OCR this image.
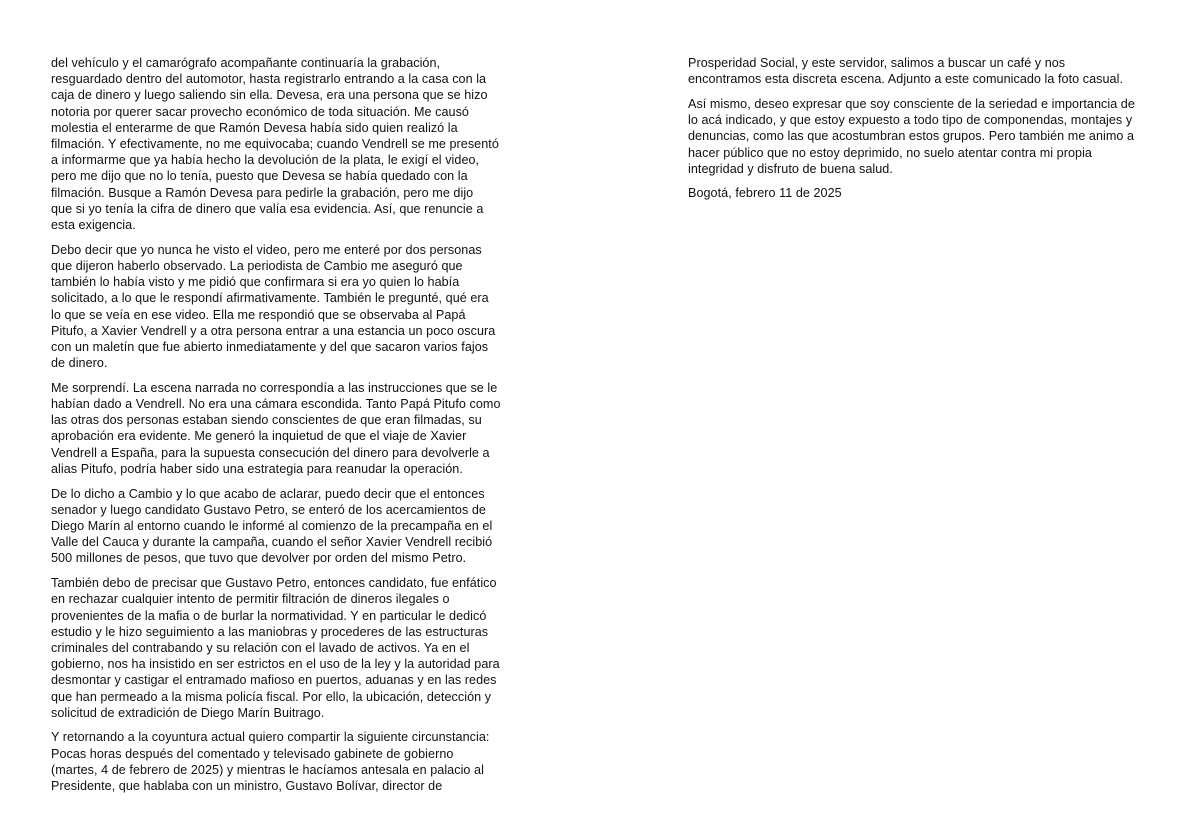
del vehículo y el camarógrafo acompañante continuaría la grabación,
resguardado dentro del automotor, hasta registrarlo entrando a la casa con la
caja de dinero y luego saliendo sin ella. Devesa, era una persona que se hizo
notoria por querer sacar provecho económico de toda situación. Me causó
molestia el enterarme de que Ramón Devesa había sido quien realizó la
filmación. Y efectivamente, no me equivocaba; cuando Vendrell se me presentó
a informarme que ya había hecho la devolución de la plata, le exigí el video,
pero me dijo que no lo tenía, puesto que Devesa se había quedado con la
filmación. Busque a Ramón Devesa para pedirle la grabación, pero me dijo
que si yo tenía la cifra de dinero que valía esa evidencia. Así, que renuncie a
esta exigencia.

Debo decir que yo nunca he visto el video, pero me enteré por dos personas
que dijeron haberlo observado. La periodista de Cambio me aseguró que
también lo había visto y me pidió que confirmara si era yo quien lo había
solicitado, a lo que le respondí afirmativamente. También le pregunté, qué era
lo que se veía en ese video. Ella me respondió que se observaba al Papá
Pitufo, a Xavier Vendrell y a otra persona entrar a una estancia un poco oscura
con un maletín que fue abierto inmediatamente y del que sacaron varios fajos
de dinero.

Me sorprendí. La escena narrada no correspondía a las instrucciones que se le
habían dado a Vendrell. No era una cámara escondida. Tanto Papá Pitufo como
las otras dos personas estaban siendo conscientes de que eran filmadas, su
aprobación era evidente. Me generó la inquietud de que el viaje de Xavier
Vendrell a España, para la supuesta consecución del dinero para devolverle a
alias Pitufo, podría haber sido una estrategia para reanudar la operación.

De lo dicho a Cambio y lo que acabo de aclarar, puedo decir que el entonces
senador y luego candidato Gustavo Petro, se enteró de los acercamientos de
Diego Marín al entorno cuando le informé al comienzo de la precampaña en el
Valle del Cauca y durante la campaña, cuando el señor Xavier Vendrell recibió
500 millones de pesos, que tuvo que devolver por orden del mismo Petro.

También debo de precisar que Gustavo Petro, entonces candidato, fue enfático
en rechazar cualquier intento de permitir filtración de dineros ilegales o
provenientes de la mafia o de burlar la normatividad. Y en particular le dedicó
estudio y le hizo seguimiento a las maniobras y procederes de las estructuras
criminales del contrabando y su relación con el lavado de activos. Ya en el
gobierno, nos ha insistido en ser estrictos en el uso de la ley y la autoridad para
desmontar y castigar el entramado mafioso en puertos, aduanas y en las redes
que han permeado a la misma policía fiscal. Por ello, la ubicación, detección y
solicitud de extradición de Diego Marín Buitrago.

Y retornando a la coyuntura actual quiero compartir la siguiente circunstancia:
Pocas horas después del comentado y televisado gabinete de gobierno
(martes, 4 de febrero de 2025) y mientras le hacíamos antesala en palacio al
Presidente, que hablaba con un ministro, Gustavo Bolívar, director de

Prosperidad Social, y este servidor, salimos a buscar un café y nos
encontramos esta discreta escena. Adjunto a este comunicado la foto casual.

Así mismo, deseo expresar que soy consciente de la seriedad e importancia de
lo acá indicado, y que estoy expuesto a todo tipo de componendas, montajes y
denuncias, como las que acostumbran estos grupos. Pero también me animo a
hacer público que no estoy deprimido, no suelo atentar contra mi propia
integridad y disfruto de buena salud.

Bogotá, febrero 11 de 2025
